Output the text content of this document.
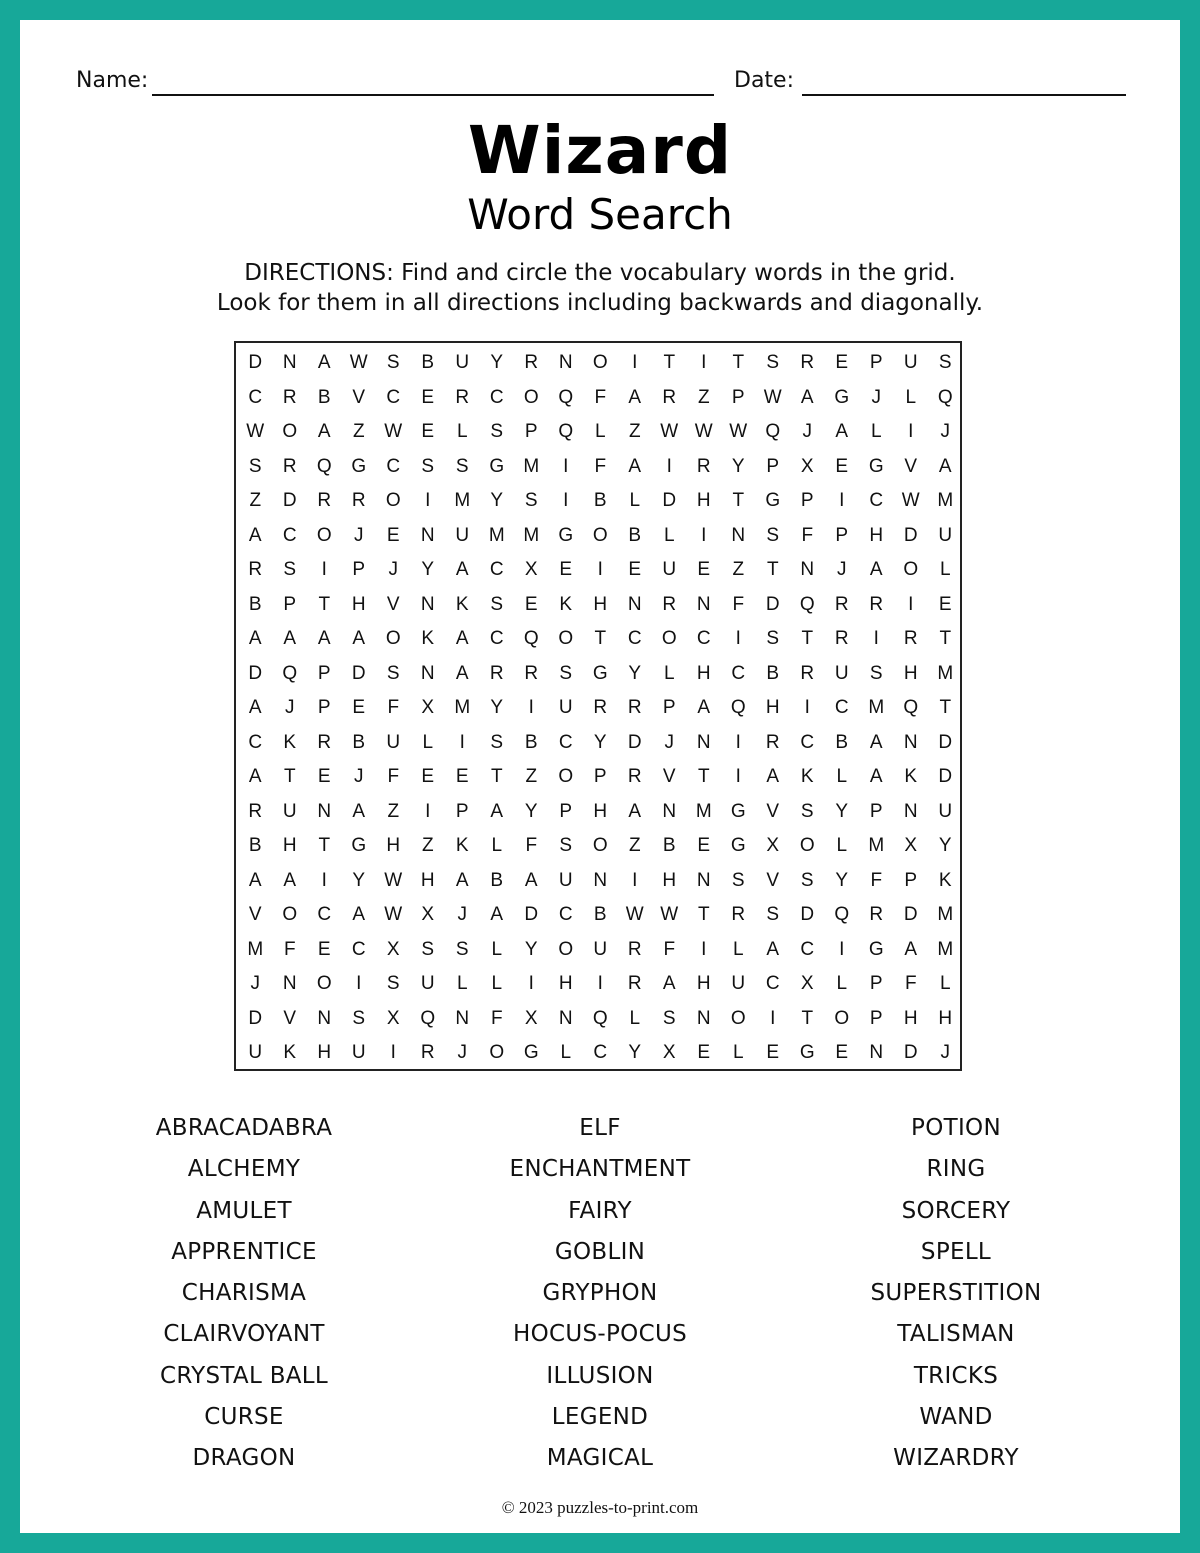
Name:	Date:
Wizard
Word Search
DIRECTIONS: Find and circle the vocabulary words in the grid.
Look for them in all directions including backwards and diagonally.
D	N	A	W	S	B	U	Y	R	N	O	I	T	I	T	S	R	E	P	U	S
C	R	B	V	C	E	R	C	O	Q	F	A	R	Z	P	W	A	G	J	L	Q
W O	A	Z	W	E	L	S	P	Q	L	Z	W W W Q	J	A	L	I	J
S	R	Q	G	C	S	S	G	M	I	F	A	I	R	Y	P	X	E	G	V	A
Z	D	R	R	O	I	M	Y	S	I	B	L	D	H	T	G	P	I	C W M
A	C	O	J	E	N	U	M M	G	O	B	L	I	N	S	F	P	H	D	U
R	S	I	P	J	Y	A	C	X	E	I	E	U	E	Z	T	N	J	A	O	L
B	P	T	H	V	N	K	S	E	K	H	N	R	N	F	D	Q	R	R	I	E
A	A	A	A	O	K	A	C	Q	O	T	C	O	C	I	S	T	R	I	R	T
D	Q	P	D	S	N	A	R	R	S	G	Y	L	H	C	B	R	U	S	H	M
A	J	P	E	F	X	M	Y	I	U	R	R	P	A	Q	H	I	C	M	Q	T
C	K	R	B	U	L	I	S	B	C	Y	D	J	N	I	R	C	B	A	N	D
A	T	E	J	F	E	E	T	Z	O	P	R	V	T	I	A	K	L	A	K	D
R	U	N	A	Z	I	P	A	Y	P	H	A	N	M	G	V	S	Y	P	N	U
B	H	T	G	H	Z	K	L	F	S	O	Z	B	E	G	X	O	L	M	X	Y
A	A	I	Y	W H	A	B	A	U	N	I	H	N	S	V	S	Y	F	P	K
V	O	C	A	W	X	J	A	D	C	B	W W	T	R	S	D	Q	R	D	M
M	F	E	C	X	S	S	L	Y	O	U	R	F	I	L	A	C	I	G	A	M
J	N	O	I	S	U	L	L	I	H	I	R	A	H	U	C	X	L	P	F	L
D	V	N	S	X	Q	N	F	X	N	Q	L	S	N	O	I	T	O	P	H	H
U	K	H	U	I	R	J	O	G	L	C	Y	X	E	L	E	G	E	N	D	J
ABRACADABRA
ALCHEMY
AMULET
APPRENTICE
CHARISMA
CLAIRVOYANT
CRYSTAL BALL
CURSE
DRAGON
ELF
ENCHANTMENT
FAIRY
GOBLIN
GRYPHON
HOCUS-POCUS
ILLUSION
LEGEND
MAGICAL
POTION
RING
SORCERY
SPELL
SUPERSTITION
TALISMAN
TRICKS
WAND
WIZARDRY
© 2023 puzzles-to-print.com
